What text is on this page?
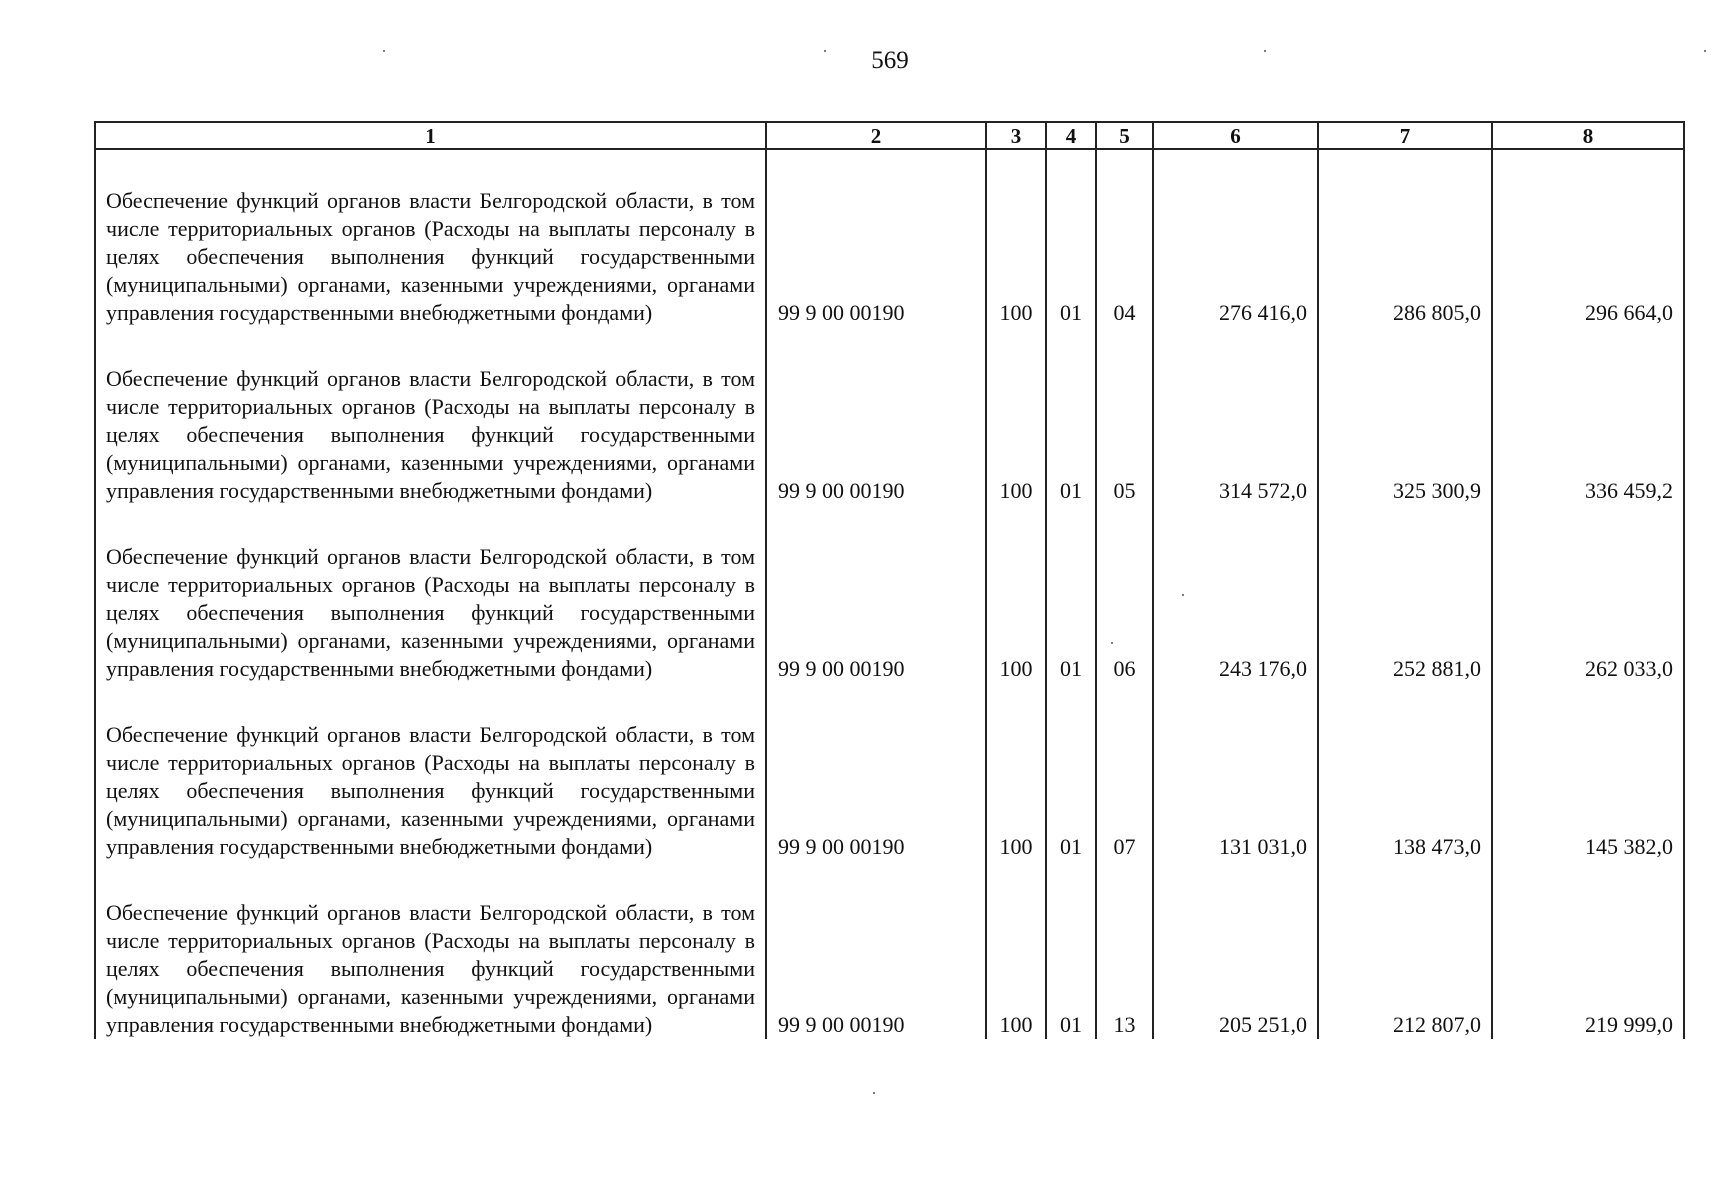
569
1	2	3	4	5	6	7	8
Обеспечение функций органов власти Белгородской области, в том числе территориальных органов (Расходы на выплаты персоналу в целях обеспечения выполнения функций государственными (муниципальными) органами, казенными учреждениями, органами управления государственными внебюджетными фондами)	99 9 00 00190	100	01	04	276 416,0	286 805,0	296 664,0
Обеспечение функций органов власти Белгородской области, в том числе территориальных органов (Расходы на выплаты персоналу в целях обеспечения выполнения функций государственными (муниципальными) органами, казенными учреждениями, органами управления государственными внебюджетными фондами)	99 9 00 00190	100	01	05	314 572,0	325 300,9	336 459,2
Обеспечение функций органов власти Белгородской области, в том числе территориальных органов (Расходы на выплаты персоналу в целях обеспечения выполнения функций государственными (муниципальными) органами, казенными учреждениями, органами управления государственными внебюджетными фондами)	99 9 00 00190	100	01	06	243 176,0	252 881,0	262 033,0
Обеспечение функций органов власти Белгородской области, в том числе территориальных органов (Расходы на выплаты персоналу в целях обеспечения выполнения функций государственными (муниципальными) органами, казенными учреждениями, органами управления государственными внебюджетными фондами)	99 9 00 00190	100	01	07	131 031,0	138 473,0	145 382,0
Обеспечение функций органов власти Белгородской области, в том числе территориальных органов (Расходы на выплаты персоналу в целях обеспечения выполнения функций государственными (муниципальными) органами, казенными учреждениями, органами управления государственными внебюджетными фондами)	99 9 00 00190	100	01	13	205 251,0	212 807,0	219 999,0
